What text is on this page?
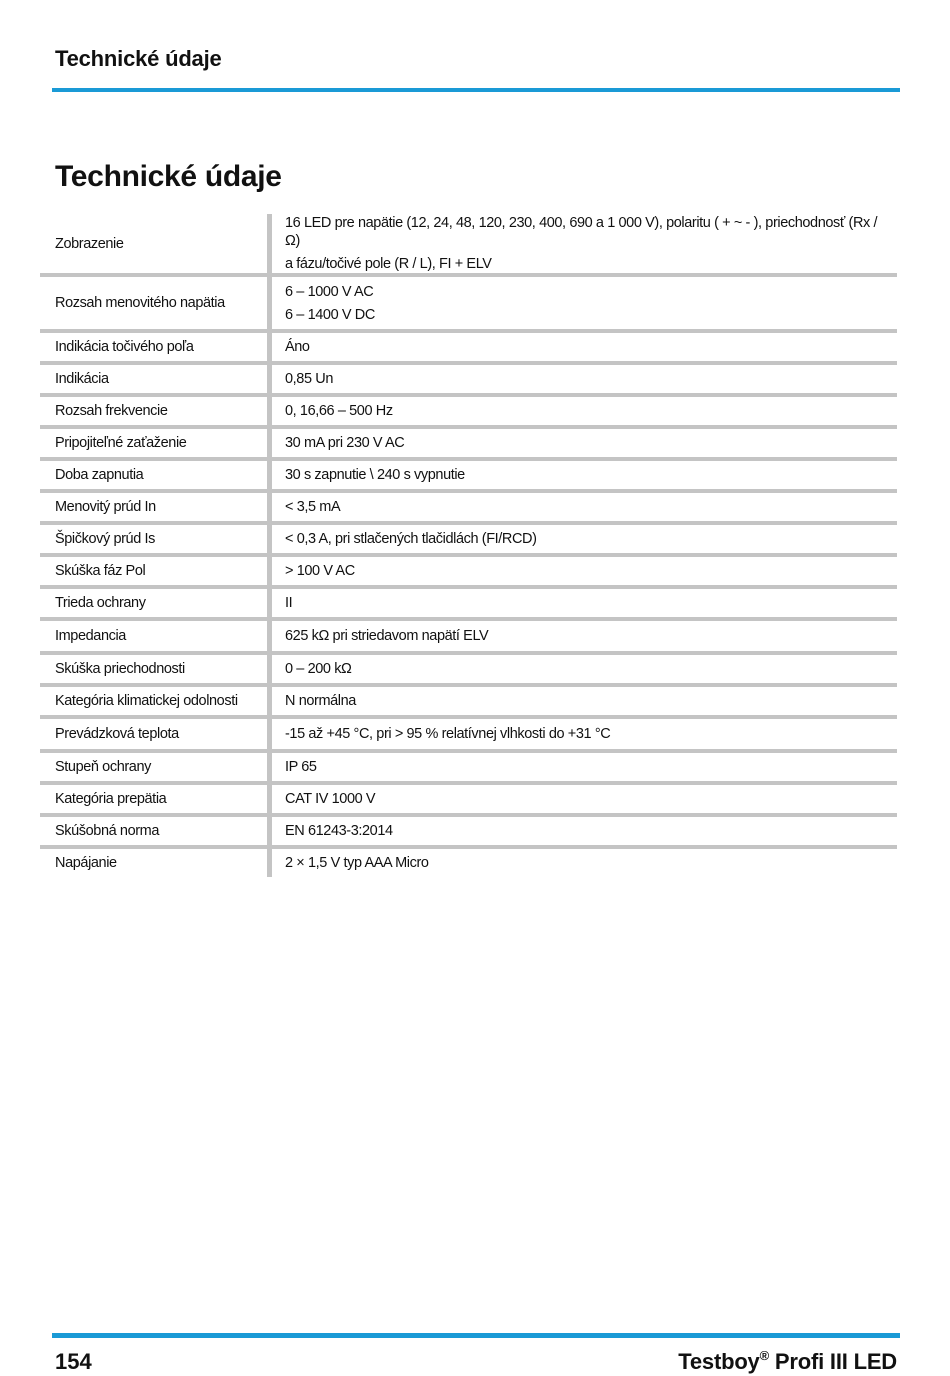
Technické údaje
Technické údaje
Zobrazenie	16 LED pre napätie (12, 24, 48, 120, 230, 400, 690 a 1 000 V), polaritu ( + ~ - ), priechodnosť (Rx /Ω)
a fázu/točivé pole (R / L), FI + ELV

Rozsah menovitého napätia	6 – 1000 V AC
6 – 1400 V DC

Indikácia točivého poľa	Áno

Indikácia	0,85 Un

Rozsah frekvencie	0, 16,66 – 500 Hz

Pripojiteľné zaťaženie	30 mA pri 230 V AC

Doba zapnutia	30 s zapnutie \ 240 s vypnutie

Menovitý prúd In	< 3,5 mA

Špičkový prúd Is	< 0,3 A, pri stlačených tlačidlách (FI/RCD)

Skúška fáz Pol	> 100 V AC

Trieda ochrany	II

Impedancia	625 kΩ pri striedavom napätí ELV

Skúška priechodnosti	0 – 200 kΩ

Kategória klimatickej odolnosti	N normálna

Prevádzková teplota	-15 až +45 °C, pri > 95 % relatívnej vlhkosti do +31 °C

Stupeň ochrany	IP 65

Kategória prepätia	CAT IV 1000 V

Skúšobná norma	EN 61243-3:2014

Napájanie	2 × 1,5 V typ AAA Micro
154	Testboy® Profi III LED
